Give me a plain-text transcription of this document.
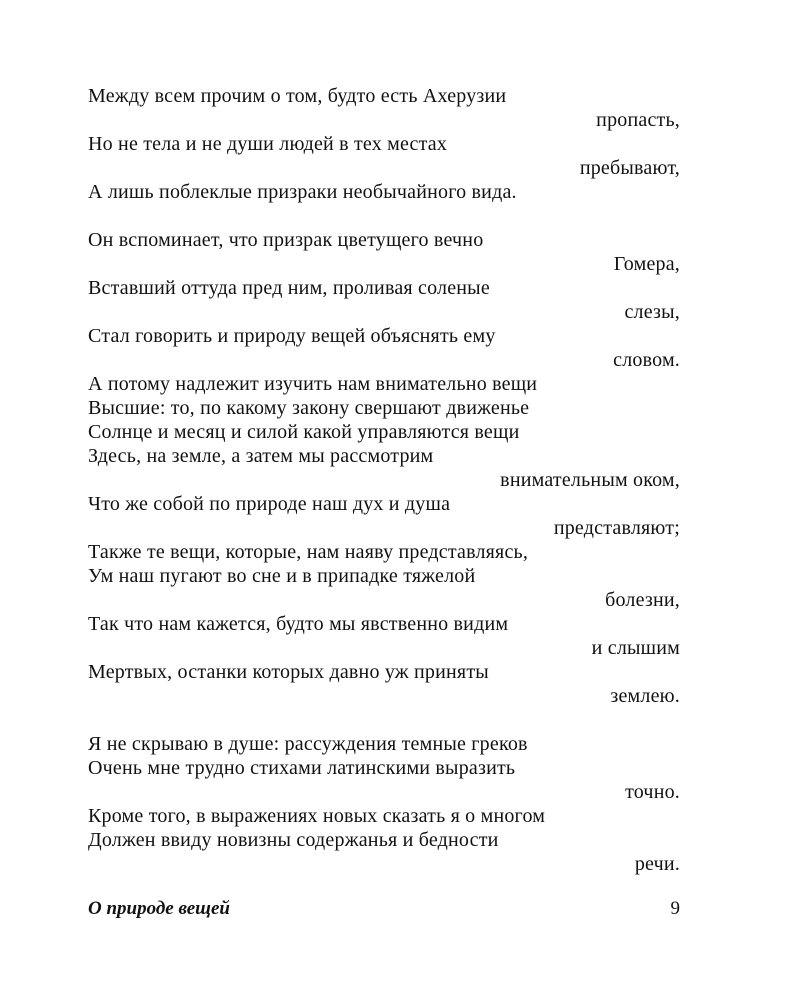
Между всем прочим о том, будто есть Ахерузии
пропасть,
Но не тела и не души людей в тех местах
пребывают,
А лишь поблеклые призраки необычайного вида.
Он вспоминает, что призрак цветущего вечно
Гомера,
Вставший оттуда пред ним, проливая соленые
слезы,
Стал говорить и природу вещей объяснять ему
словом.
А потому надлежит изучить нам внимательно вещи
Высшие: то, по какому закону свершают движенье
Солнце и месяц и силой какой управляются вещи
Здесь, на земле, а затем мы рассмотрим
внимательным оком,
Что же собой по природе наш дух и душа
представляют;
Также те вещи, которые, нам наяву представляясь,
Ум наш пугают во сне и в припадке тяжелой
болезни,
Так что нам кажется, будто мы явственно видим
и слышим
Мертвых, останки которых давно уж приняты
землею.
Я не скрываю в душе: рассуждения темные греков
Очень мне трудно стихами латинскими выразить
точно.
Кроме того, в выражениях новых сказать я о многом
Должен ввиду новизны содержанья и бедности
речи.
О природе вещей	9
